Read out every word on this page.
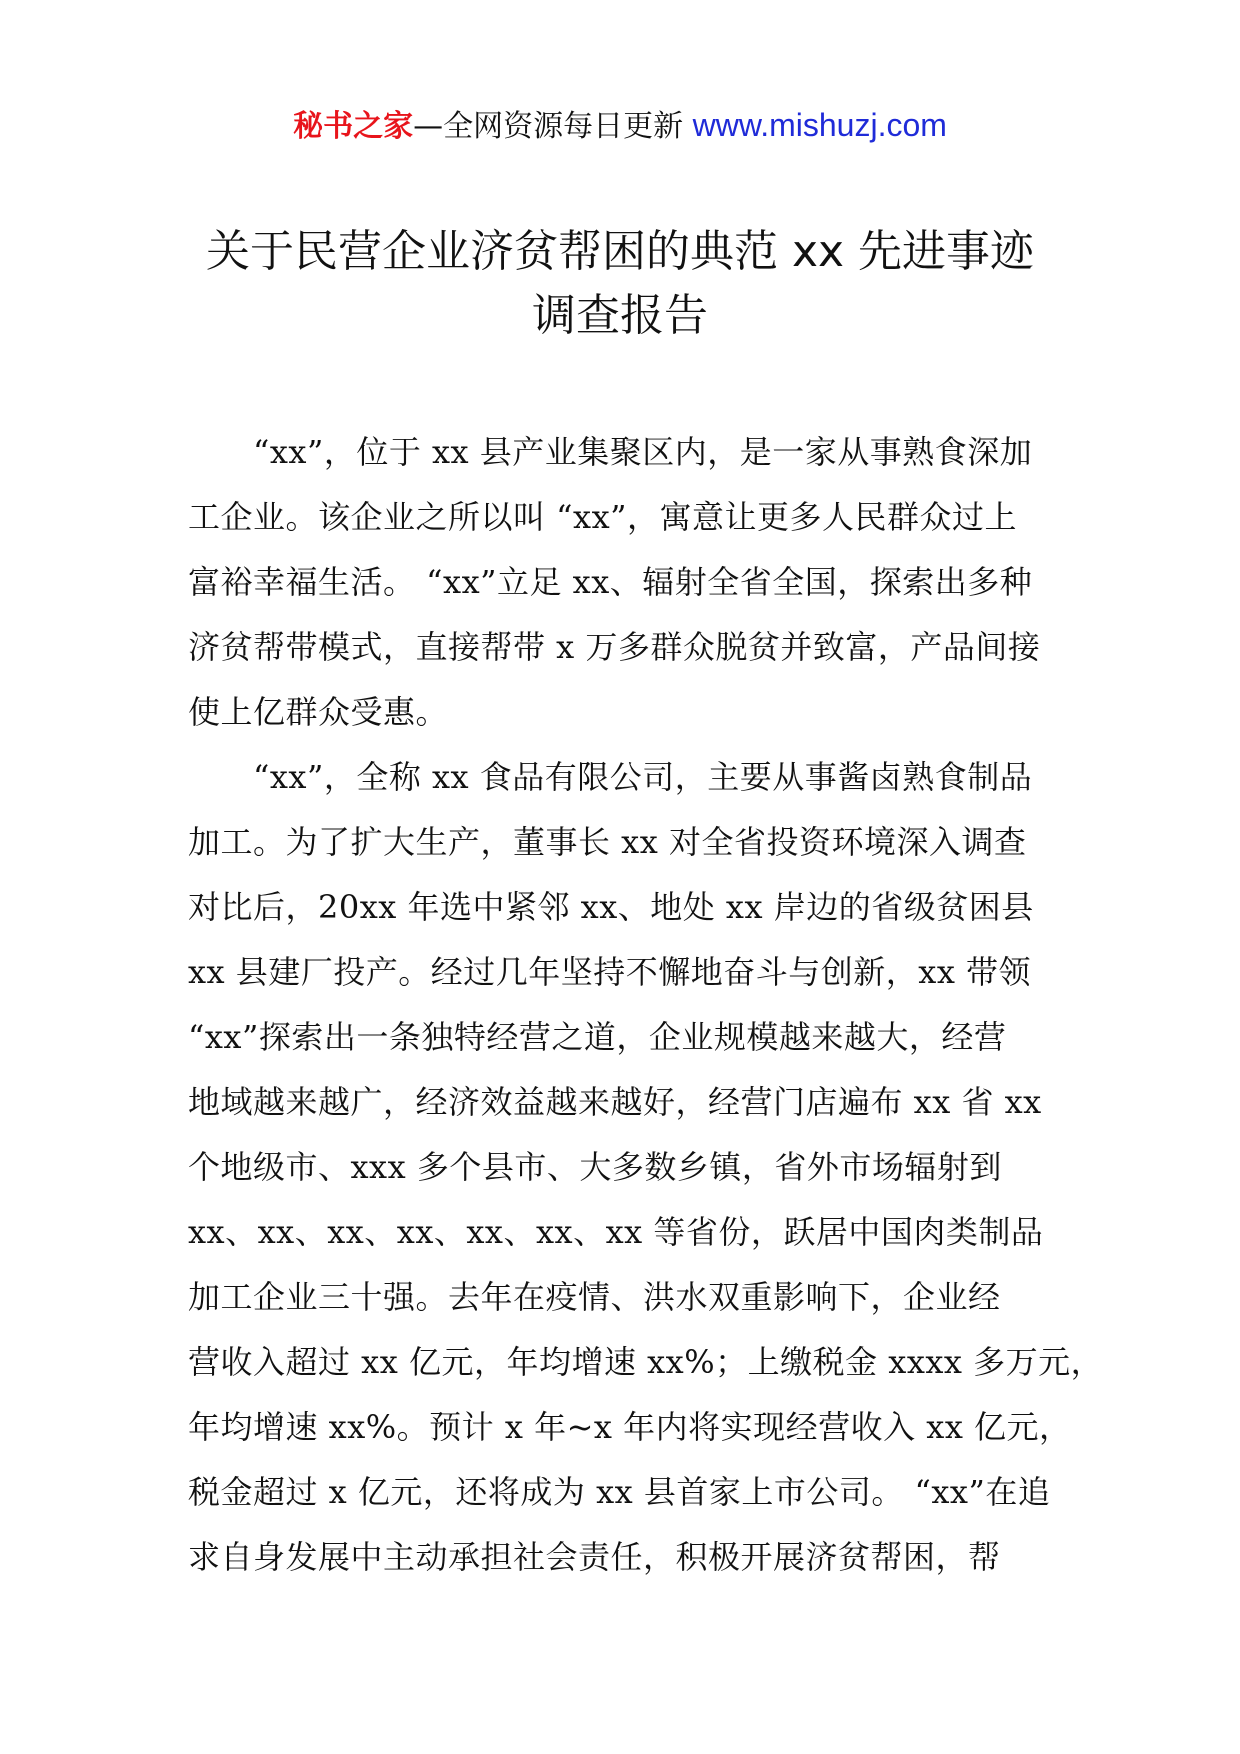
秘书之家—全网资源每日更新 www.mishuzj.com
关于民营企业济贫帮困的典范 xx 先进事迹
调查报告
　　“xx”，位于 xx 县产业集聚区内，是一家从事熟食深加
工企业。该企业之所以叫 “xx”，寓意让更多人民群众过上
富裕幸福生活。 “xx”立足 xx、辐射全省全国，探索出多种
济贫帮带模式，直接帮带 x 万多群众脱贫并致富，产品间接
使上亿群众受惠。
　　“xx”，全称 xx 食品有限公司，主要从事酱卤熟食制品
加工。为了扩大生产，董事长 xx 对全省投资环境深入调查
对比后，20xx 年选中紧邻 xx、地处 xx 岸边的省级贫困县
xx 县建厂投产。经过几年坚持不懈地奋斗与创新，xx 带领
“xx”探索出一条独特经营之道，企业规模越来越大，经营
地域越来越广，经济效益越来越好，经营门店遍布 xx 省 xx
个地级市、xxx 多个县市、大多数乡镇，省外市场辐射到
xx、xx、xx、xx、xx、xx、xx 等省份，跃居中国肉类制品
加工企业三十强。去年在疫情、洪水双重影响下，企业经
营收入超过 xx 亿元，年均增速 xx%；上缴税金 xxxx 多万元，
年均增速 xx%。预计 x 年~x 年内将实现经营收入 xx 亿元，
税金超过 x 亿元，还将成为 xx 县首家上市公司。 “xx”在追
求自身发展中主动承担社会责任，积极开展济贫帮困，帮
